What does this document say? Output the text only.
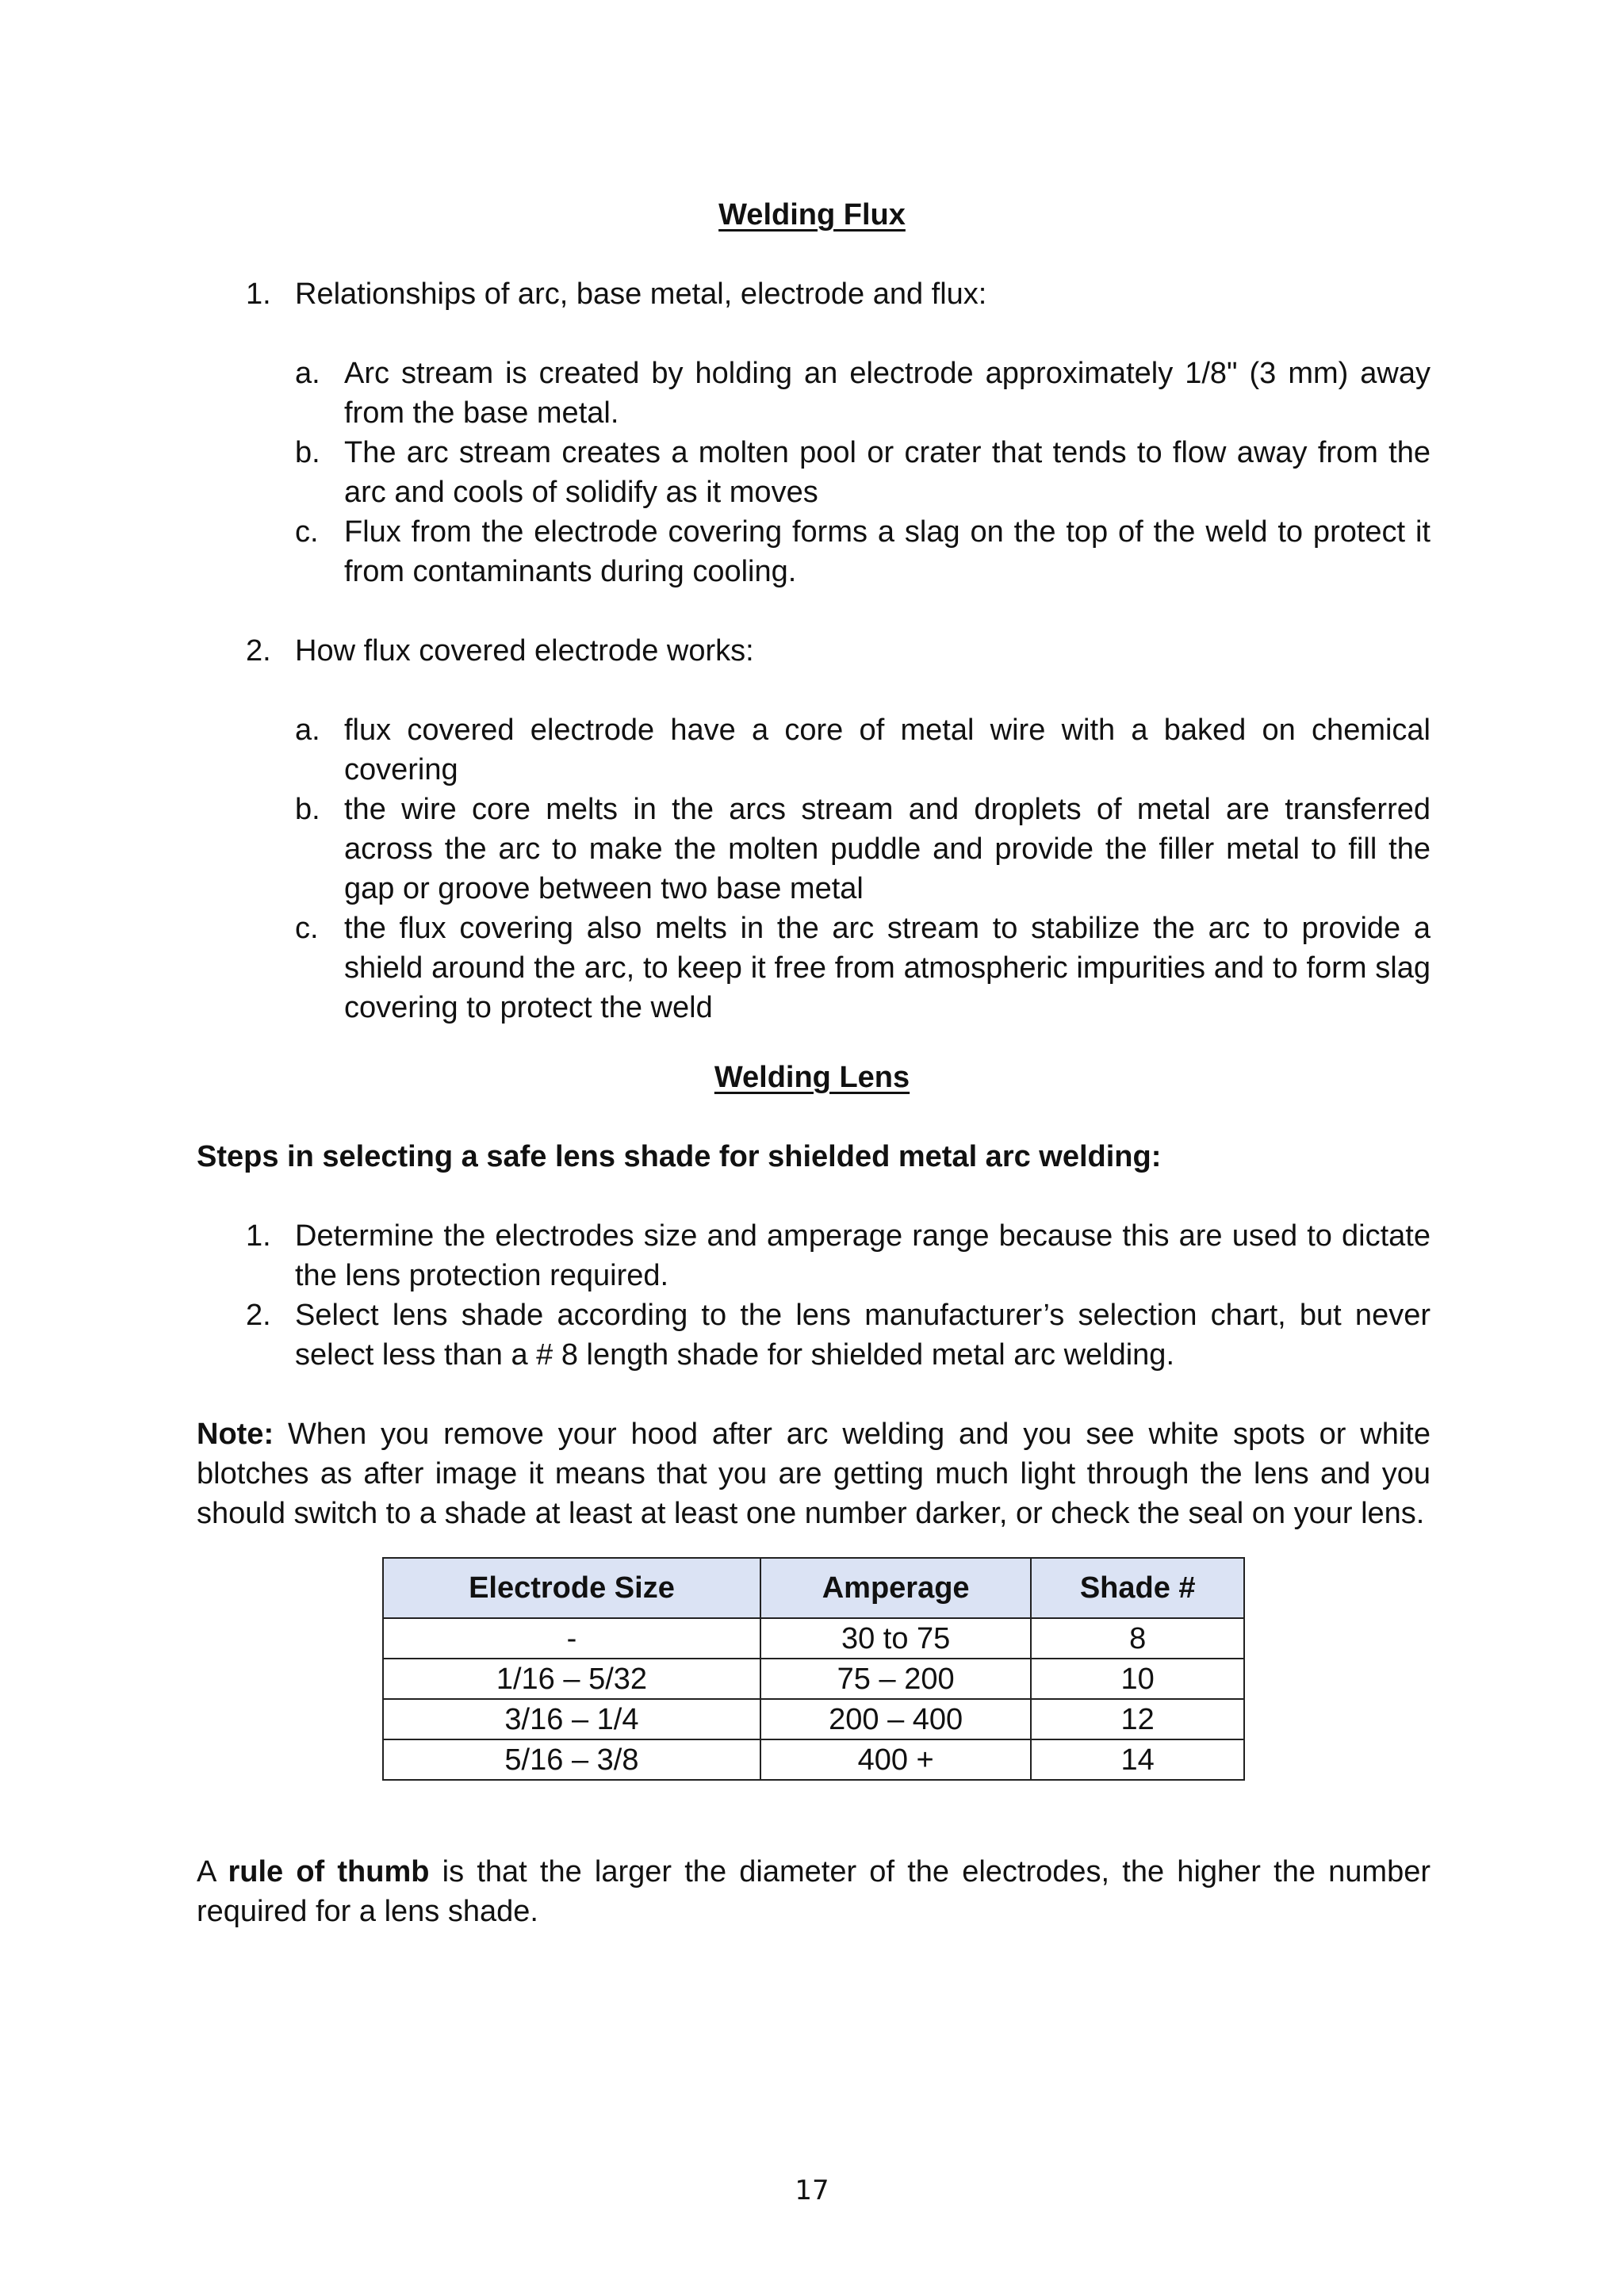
Welding Flux
1. Relationships of arc, base metal, electrode and flux:
a. Arc stream is created by holding an electrode approximately 1/8" (3 mm) away from the base metal.
b. The arc stream creates a molten pool or crater that tends to flow away from the arc and cools of solidify as it moves
c. Flux from the electrode covering forms a slag on the top of the weld to protect it from contaminants during cooling.
2. How flux covered electrode works:
a. flux covered electrode have a core of metal wire with a baked on chemical covering
b. the wire core melts in the arcs stream and droplets of metal are transferred across the arc to make the molten puddle and provide the filler metal to fill the gap or groove between two base metal
c. the flux covering also melts in the arc stream to stabilize the arc to provide a shield around the arc, to keep it free from atmospheric impurities and to form slag covering to protect the weld
Welding Lens
Steps in selecting a safe lens shade for shielded metal arc welding:
1. Determine the electrodes size and amperage range because this are used to dictate the lens protection required.
2. Select lens shade according to the lens manufacturer’s selection chart, but never select less than a # 8 length shade for shielded metal arc welding.
Note: When you remove your hood after arc welding and you see white spots or white blotches as after image it means that you are getting much light through the lens and you should switch to a shade at least at least one number darker, or check the seal on your lens.
Electrode Size	Amperage	Shade #
-	30 to 75	8
1/16 – 5/32	75 – 200	10
3/16 – 1/4	200 – 400	12
5/16 – 3/8	400 +	14
A rule of thumb is that the larger the diameter of the electrodes, the higher the number required for a lens shade.
17
